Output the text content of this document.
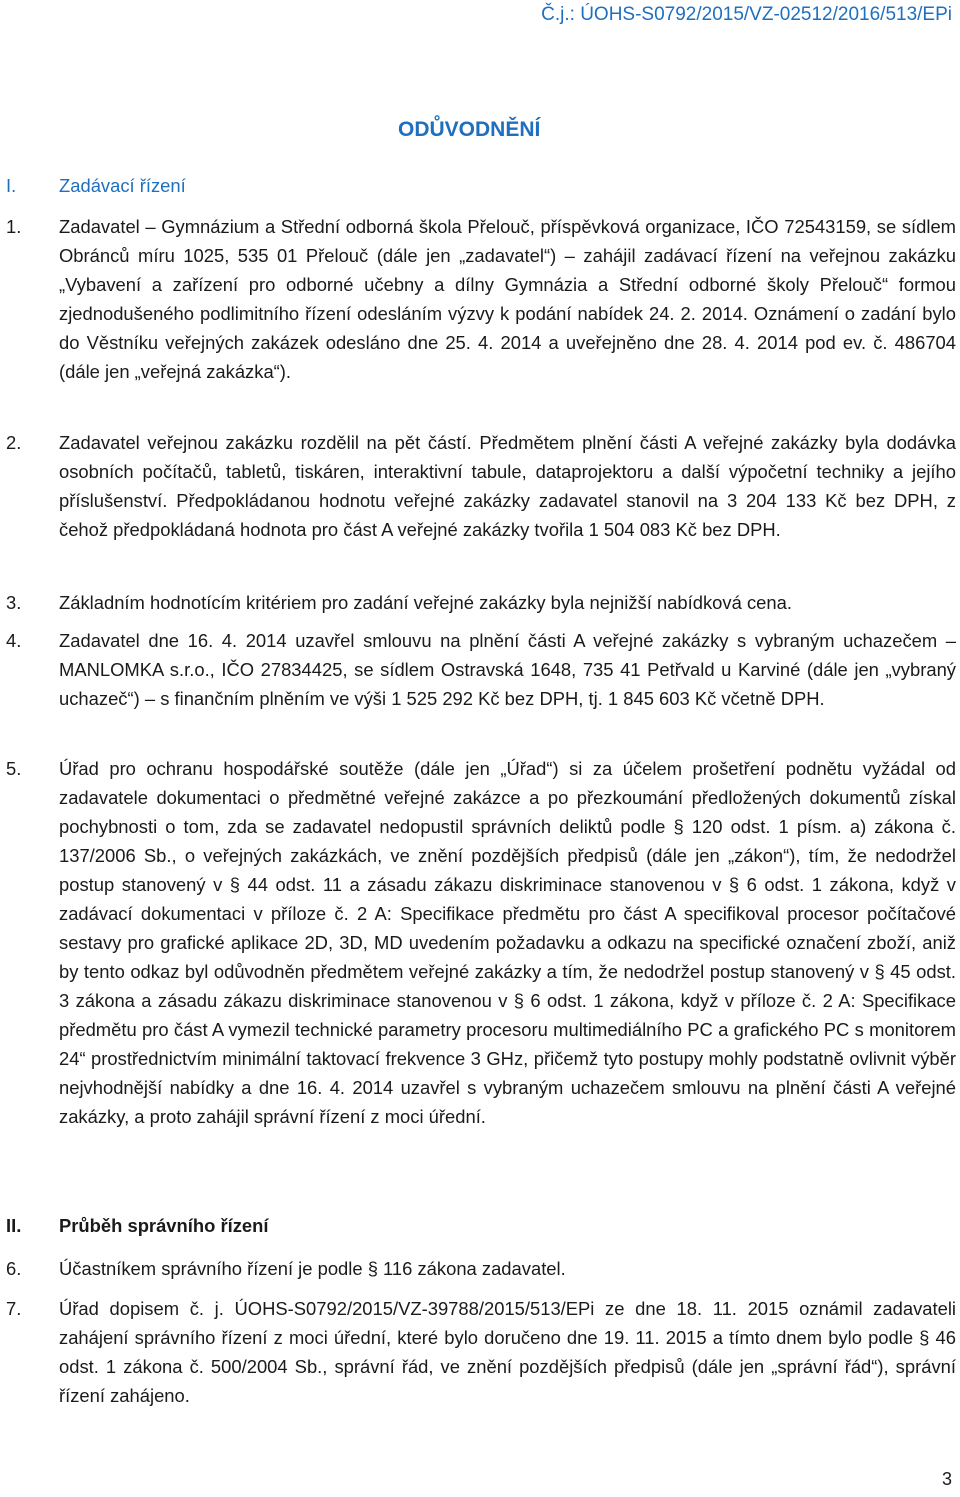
Č.j.: ÚOHS-S0792/2015/VZ-02512/2016/513/EPi
ODŮVODNĚNÍ
I.	Zadávací řízení
1.	Zadavatel – Gymnázium a Střední odborná škola Přelouč, příspěvková organizace, IČO 72543159, se sídlem Obránců míru 1025, 535 01 Přelouč (dále jen „zadavatel“) – zahájil zadávací řízení na veřejnou zakázku „Vybavení a zařízení pro odborné učebny a dílny Gymnázia a Střední odborné školy Přelouč“ formou zjednodušeného podlimitního řízení odesláním výzvy k podání nabídek 24. 2. 2014. Oznámení o zadání bylo do Věstníku veřejných zakázek odesláno dne 25. 4. 2014 a uveřejněno dne 28. 4. 2014 pod ev. č. 486704 (dále jen „veřejná zakázka“).
2.	Zadavatel veřejnou zakázku rozdělil na pět částí. Předmětem plnění části A veřejné zakázky byla dodávka osobních počítačů, tabletů, tiskáren, interaktivní tabule, dataprojektoru a další výpočetní techniky a jejího příslušenství. Předpokládanou hodnotu veřejné zakázky zadavatel stanovil na 3 204 133 Kč bez DPH, z čehož předpokládaná hodnota pro část A veřejné zakázky tvořila 1 504 083 Kč bez DPH.
3.	Základním hodnotícím kritériem pro zadání veřejné zakázky byla nejnižší nabídková cena.
4.	Zadavatel dne 16. 4. 2014 uzavřel smlouvu na plnění části A veřejné zakázky s vybraným uchazečem – MANLOMKA s.r.o., IČO 27834425, se sídlem Ostravská 1648, 735 41 Petřvald u Karviné (dále jen „vybraný uchazeč“) – s finančním plněním ve výši 1 525 292 Kč bez DPH, tj. 1 845 603 Kč včetně DPH.
5.	Úřad pro ochranu hospodářské soutěže (dále jen „Úřad“) si za účelem prošetření podnětu vyžádal od zadavatele dokumentaci o předmětné veřejné zakázce a po přezkoumání předložených dokumentů získal pochybnosti o tom, zda se zadavatel nedopustil správních deliktů podle § 120 odst. 1 písm. a) zákona č. 137/2006 Sb., o veřejných zakázkách, ve znění pozdějších předpisů (dále jen „zákon“), tím, že nedodržel postup stanovený v § 44 odst. 11 a zásadu zákazu diskriminace stanovenou v § 6 odst. 1 zákona, když v zadávací dokumentaci v příloze č. 2 A: Specifikace předmětu pro část A specifikoval procesor počítačové sestavy pro grafické aplikace 2D, 3D, MD uvedením požadavku a odkazu na specifické označení zboží, aniž by tento odkaz byl odůvodněn předmětem veřejné zakázky a tím, že nedodržel postup stanovený v § 45 odst. 3 zákona a zásadu zákazu diskriminace stanovenou v § 6 odst. 1 zákona, když v příloze č. 2 A: Specifikace předmětu pro část A vymezil technické parametry procesoru multimediálního PC a grafického PC s monitorem 24“ prostřednictvím minimální taktovací frekvence 3 GHz, přičemž tyto postupy mohly podstatně ovlivnit výběr nejvhodnější nabídky a dne 16. 4. 2014 uzavřel s vybraným uchazečem smlouvu na plnění části A veřejné zakázky, a proto zahájil správní řízení z moci úřední.
II.	Průběh správního řízení
6.	Účastníkem správního řízení je podle § 116 zákona zadavatel.
7.	Úřad dopisem č. j. ÚOHS-S0792/2015/VZ-39788/2015/513/EPi ze dne 18. 11. 2015 oznámil zadavateli zahájení správního řízení z moci úřední, které bylo doručeno dne 19. 11. 2015 a tímto dnem bylo podle § 46 odst. 1 zákona č. 500/2004 Sb., správní řád, ve znění pozdějších předpisů (dále jen „správní řád“), správní řízení zahájeno.
3
